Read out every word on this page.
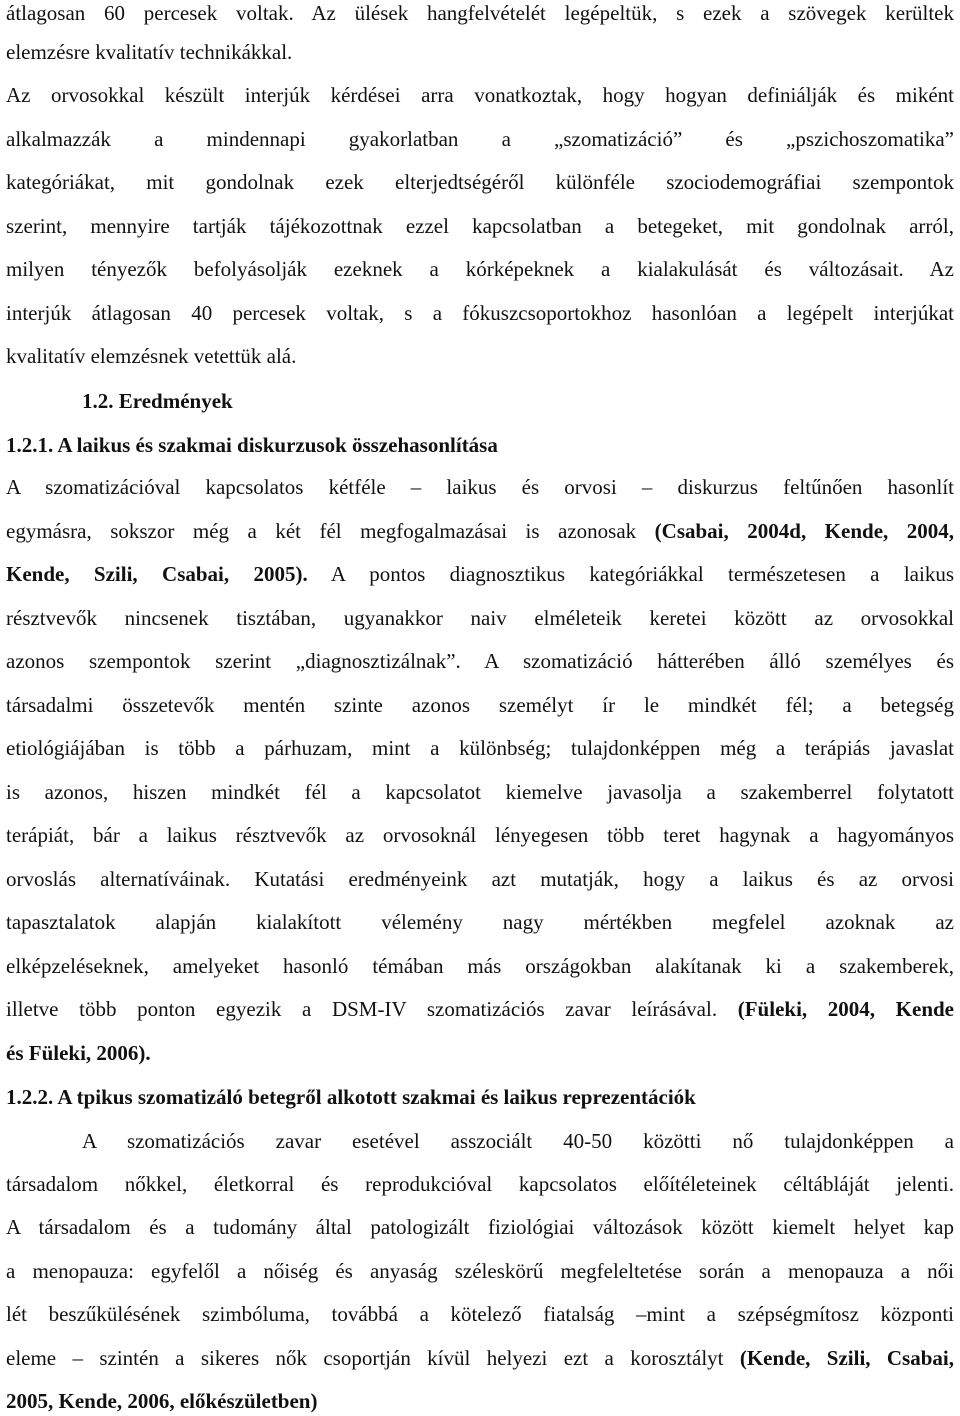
átlagosan 60 percesek voltak. Az ülések hangfelvételét legépeltük, s ezek a szövegek kerültek
elemzésre kvalitatív technikákkal.
Az orvosokkal készült interjúk kérdései arra vonatkoztak, hogy hogyan definiálják és miként
alkalmazzák a mindennapi gyakorlatban a „szomatizáció” és „pszichoszomatika”
kategóriákat, mit gondolnak ezek elterjedtségéről különféle szociodemográfiai szempontok
szerint, mennyire tartják tájékozottnak ezzel kapcsolatban a betegeket, mit gondolnak arról,
milyen tényezők befolyásolják ezeknek a kórképeknek a kialakulását és változásait. Az
interjúk átlagosan 40 percesek voltak, s a fókuszcsoportokhoz hasonlóan a legépelt interjúkat
kvalitatív elemzésnek vetettük alá.
1.2. Eredmények
1.2.1. A laikus és szakmai diskurzusok összehasonlítása
A szomatizációval kapcsolatos kétféle – laikus és orvosi – diskurzus feltűnően hasonlít
egymásra, sokszor még a két fél megfogalmazásai is azonosak (Csabai, 2004d, Kende, 2004,
Kende, Szili, Csabai, 2005). A pontos diagnosztikus kategóriákkal természetesen a laikus
résztvevők nincsenek tisztában, ugyanakkor naiv elméleteik keretei között az orvosokkal
azonos szempontok szerint „diagnosztizálnak”. A szomatizáció hátterében álló személyes és
társadalmi összetevők mentén szinte azonos személyt ír le mindkét fél; a betegség
etiológiájában is több a párhuzam, mint a különbség; tulajdonképpen még a terápiás javaslat
is azonos, hiszen mindkét fél a kapcsolatot kiemelve javasolja a szakemberrel folytatott
terápiát, bár a laikus résztvevők az orvosoknál lényegesen több teret hagynak a hagyományos
orvoslás alternatíváinak. Kutatási eredményeink azt mutatják, hogy a laikus és az orvosi
tapasztalatok alapján kialakított vélemény nagy mértékben megfelel azoknak az
elképzeléseknek, amelyeket hasonló témában más országokban alakítanak ki a szakemberek,
illetve több ponton egyezik a DSM-IV szomatizációs zavar leírásával. (Füleki, 2004, Kende
és Füleki, 2006).
1.2.2. A tpikus szomatizáló betegről alkotott szakmai és laikus reprezentációk
A szomatizációs zavar esetével asszociált 40-50 közötti nő tulajdonképpen a
társadalom nőkkel, életkorral és reprodukcióval kapcsolatos előítéleteinek céltábláját jelenti.
A társadalom és a tudomány által patologizált fiziológiai változások között kiemelt helyet kap
a menopauza: egyfelől a nőiség és anyaság széleskörű megfeleltetése során a menopauza a női
lét beszűkülésének szimbóluma, továbbá a kötelező fiatalság –mint a szépségmítosz központi
eleme – szintén a sikeres nők csoportján kívül helyezi ezt a korosztályt (Kende, Szili, Csabai,
2005, Kende, 2006, előkészületben)
